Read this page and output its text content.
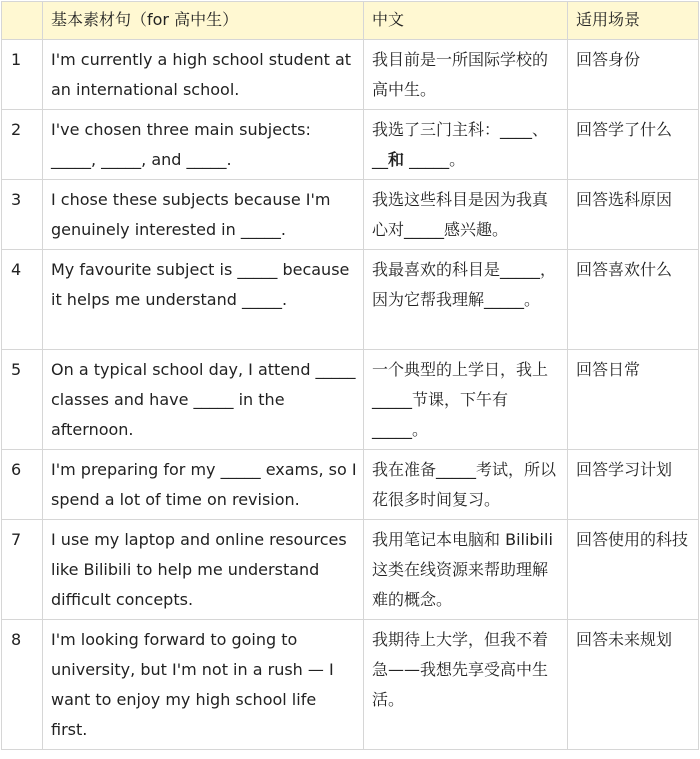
	基本素材句（for 高中生）	中文	适用场景
1	I'm currently a high school student at an international school.	我目前是一所国际学校的高中生。	回答身份
2	I've chosen three main subjects: _____, _____, and _____.	我选了三门主科：____、 __和 _____。	回答学了什么
3	I chose these subjects because I'm genuinely interested in _____.	我选这些科目是因为我真心对_____感兴趣。	回答选科原因
4	My favourite subject is _____ because it helps me understand _____.	我最喜欢的科目是_____，因为它帮我理解_____。	回答喜欢什么
5	On a typical school day, I attend _____ classes and have _____ in the afternoon.	一个典型的上学日，我上_____节课，下午有_____。	回答日常
6	I'm preparing for my _____ exams, so I spend a lot of time on revision.	我在准备_____考试，所以花很多时间复习。	回答学习计划
7	I use my laptop and online resources like Bilibili to help me understand difficult concepts.	我用笔记本电脑和 Bilibili 这类在线资源来帮助理解难的概念。	回答使用的科技
8	I'm looking forward to going to university, but I'm not in a rush — I want to enjoy my high school life first.	我期待上大学，但我不着急——我想先享受高中生活。	回答未来规划
